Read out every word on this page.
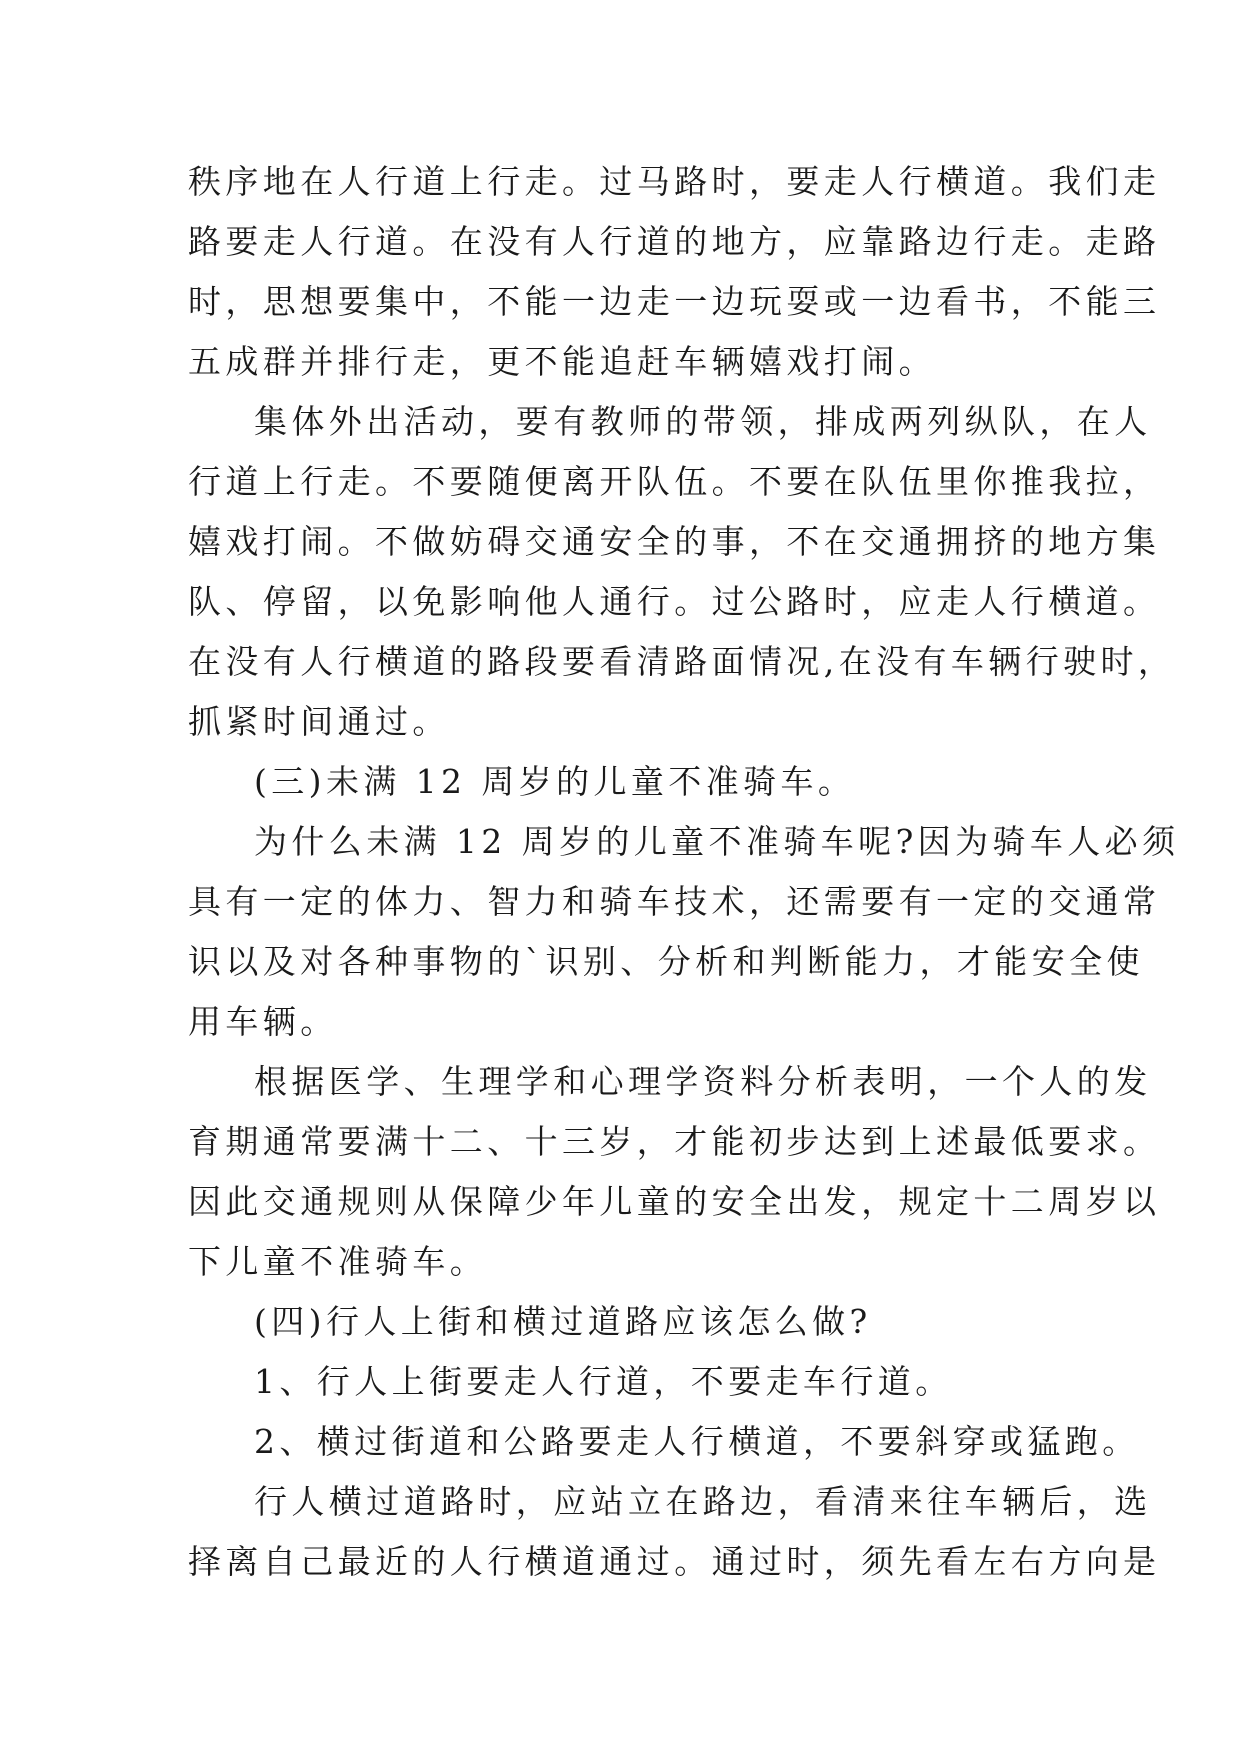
秩序地在人行道上行走。过马路时，要走人行横道。我们走
路要走人行道。在没有人行道的地方，应靠路边行走。走路
时，思想要集中，不能一边走一边玩耍或一边看书，不能三
五成群并排行走，更不能追赶车辆嬉戏打闹。
集体外出活动，要有教师的带领，排成两列纵队，在人
行道上行走。不要随便离开队伍。不要在队伍里你推我拉，
嬉戏打闹。不做妨碍交通安全的事，不在交通拥挤的地方集
队、停留，以免影响他人通行。过公路时，应走人行横道。
在没有人行横道的路段要看清路面情况,在没有车辆行驶时，
抓紧时间通过。
(三)未满 12 周岁的儿童不准骑车。
为什么未满 12 周岁的儿童不准骑车呢?因为骑车人必须
具有一定的体力、智力和骑车技术，还需要有一定的交通常
识以及对各种事物的`识别、分析和判断能力，才能安全使
用车辆。
根据医学、生理学和心理学资料分析表明，一个人的发
育期通常要满十二、十三岁，才能初步达到上述最低要求。
因此交通规则从保障少年儿童的安全出发，规定十二周岁以
下儿童不准骑车。
(四)行人上街和横过道路应该怎么做?
1、行人上街要走人行道，不要走车行道。
2、横过街道和公路要走人行横道，不要斜穿或猛跑。
行人横过道路时，应站立在路边，看清来往车辆后，选
择离自己最近的人行横道通过。通过时，须先看左右方向是
